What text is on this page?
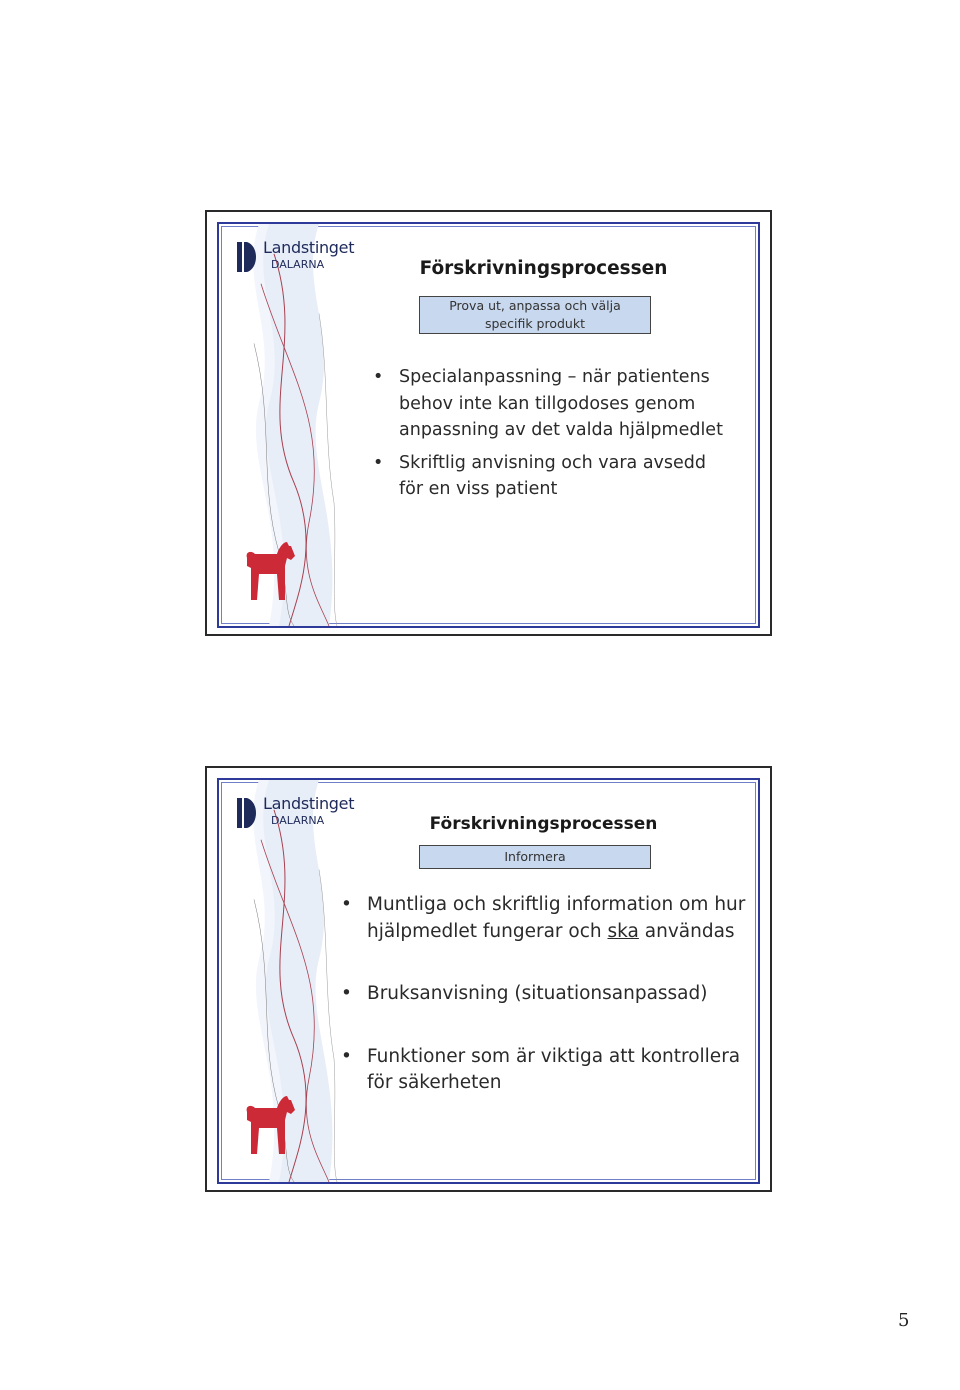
Landstinget
DALARNA	Förskrivningsprocessen
Prova ut, anpassa och välja
specifik produkt
• Specialanpassning – när patientens behov inte kan tillgodoses genom anpassning av det valda hjälpmedlet
• Skriftlig anvisning och vara avsedd för en viss patient
Landstinget
DALARNA	Förskrivningsprocessen
Informera
• Muntliga och skriftlig information om hur hjälpmedlet fungerar och ska användas
• Bruksanvisning (situationsanpassad)
• Funktioner som är viktiga att kontrollera för säkerheten
5
